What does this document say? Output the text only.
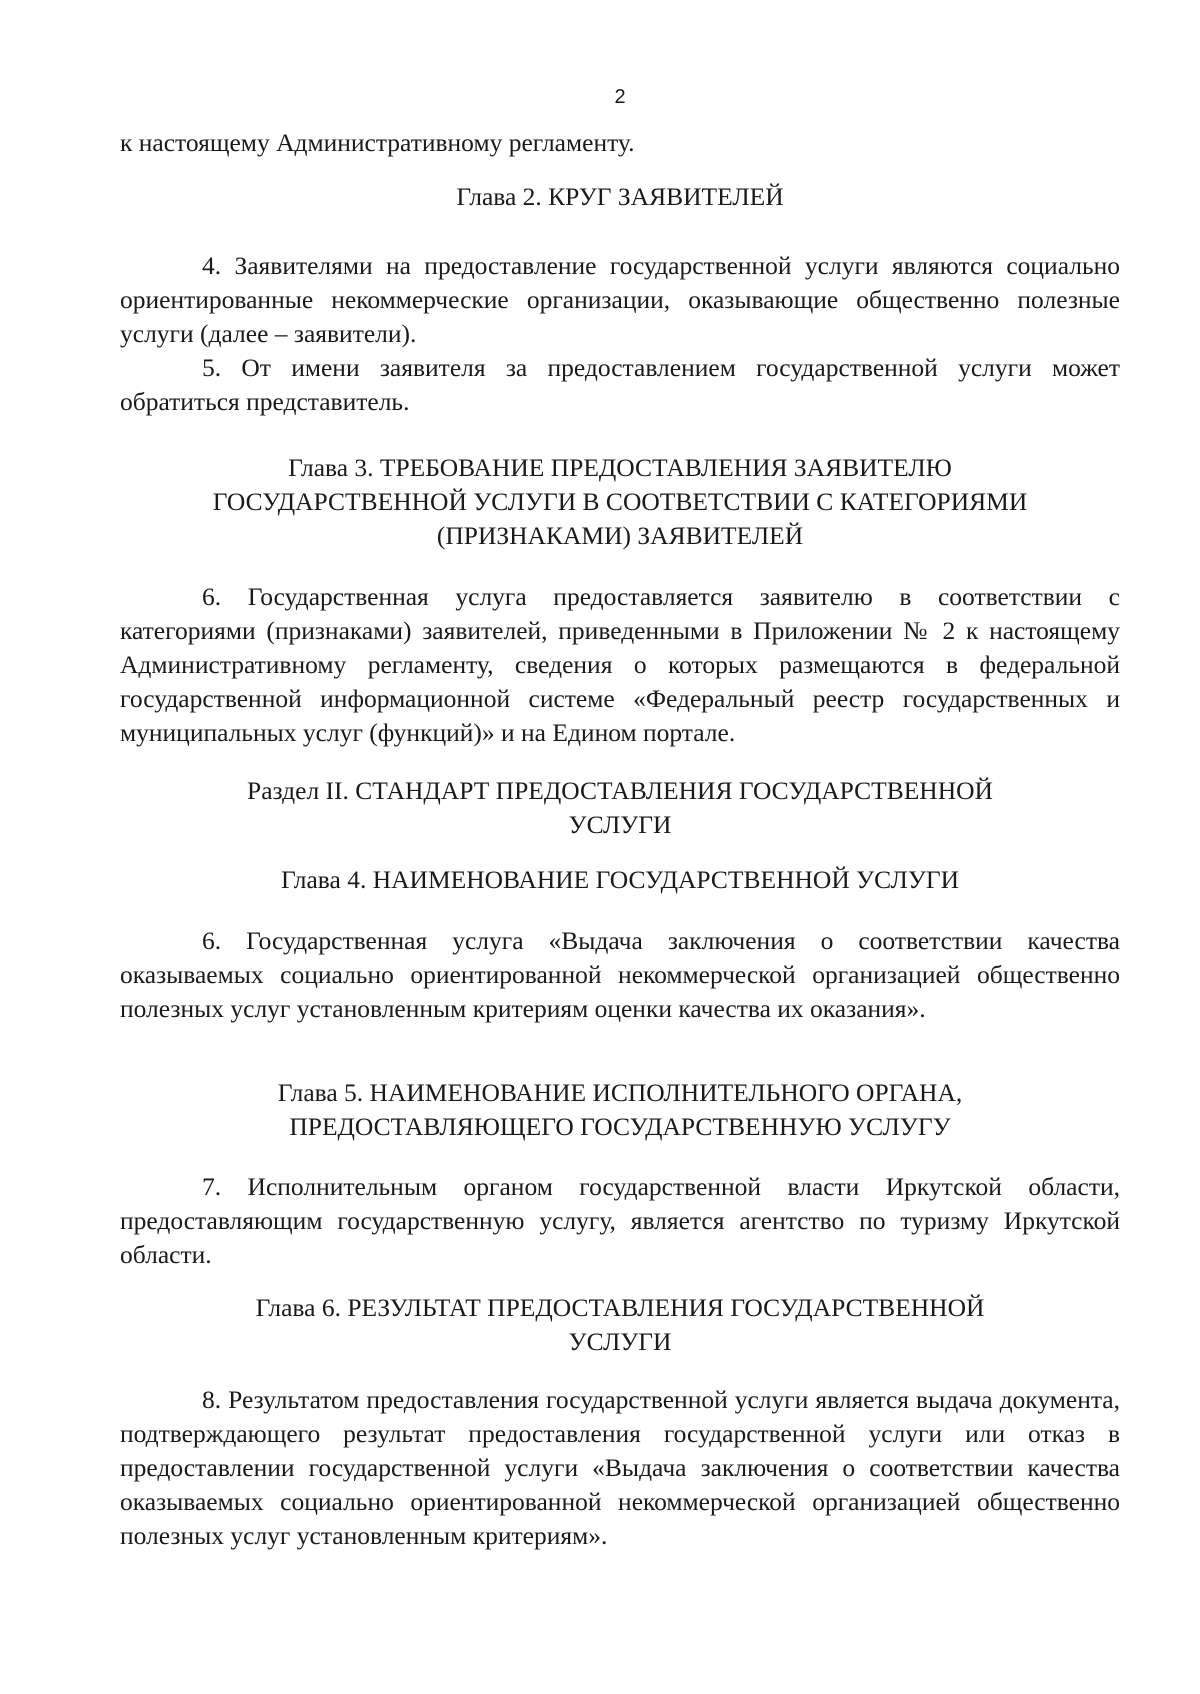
2

к настоящему Административному регламенту.

Глава 2. КРУГ ЗАЯВИТЕЛЕЙ

4. Заявителями на предоставление государственной услуги являются социально ориентированные некоммерческие организации, оказывающие общественно полезные услуги (далее – заявители).

5. От имени заявителя за предоставлением государственной услуги может обратиться представитель.

Глава 3. ТРЕБОВАНИЕ ПРЕДОСТАВЛЕНИЯ ЗАЯВИТЕЛЮ

ГОСУДАРСТВЕННОЙ УСЛУГИ В СООТВЕТСТВИИ С КАТЕГОРИЯМИ

(ПРИЗНАКАМИ) ЗАЯВИТЕЛЕЙ

6. Государственная услуга предоставляется заявителю в соответствии с категориями (признаками) заявителей, приведенными в Приложении № 2 к настоящему Административному регламенту, сведения о которых размещаются в федеральной государственной информационной системе «Федеральный реестр государственных и муниципальных услуг (функций)» и на Едином портале.

Раздел II. СТАНДАРТ ПРЕДОСТАВЛЕНИЯ ГОСУДАРСТВЕННОЙ

УСЛУГИ

Глава 4. НАИМЕНОВАНИЕ ГОСУДАРСТВЕННОЙ УСЛУГИ

6. Государственная услуга «Выдача заключения о соответствии качества оказываемых социально ориентированной некоммерческой организацией общественно полезных услуг установленным критериям оценки качества их оказания».

Глава 5. НАИМЕНОВАНИЕ ИСПОЛНИТЕЛЬНОГО ОРГАНА,

ПРЕДОСТАВЛЯЮЩЕГО ГОСУДАРСТВЕННУЮ УСЛУГУ

7. Исполнительным органом государственной власти Иркутской области, предоставляющим государственную услугу, является агентство по туризму Иркутской области.

Глава 6. РЕЗУЛЬТАТ ПРЕДОСТАВЛЕНИЯ ГОСУДАРСТВЕННОЙ

УСЛУГИ

8. Результатом предоставления государственной услуги является выдача документа, подтверждающего результат предоставления государственной услуги или отказ в предоставлении государственной услуги «Выдача заключения о соответствии качества оказываемых социально ориентированной некоммерческой организацией общественно полезных услуг установленным критериям».
